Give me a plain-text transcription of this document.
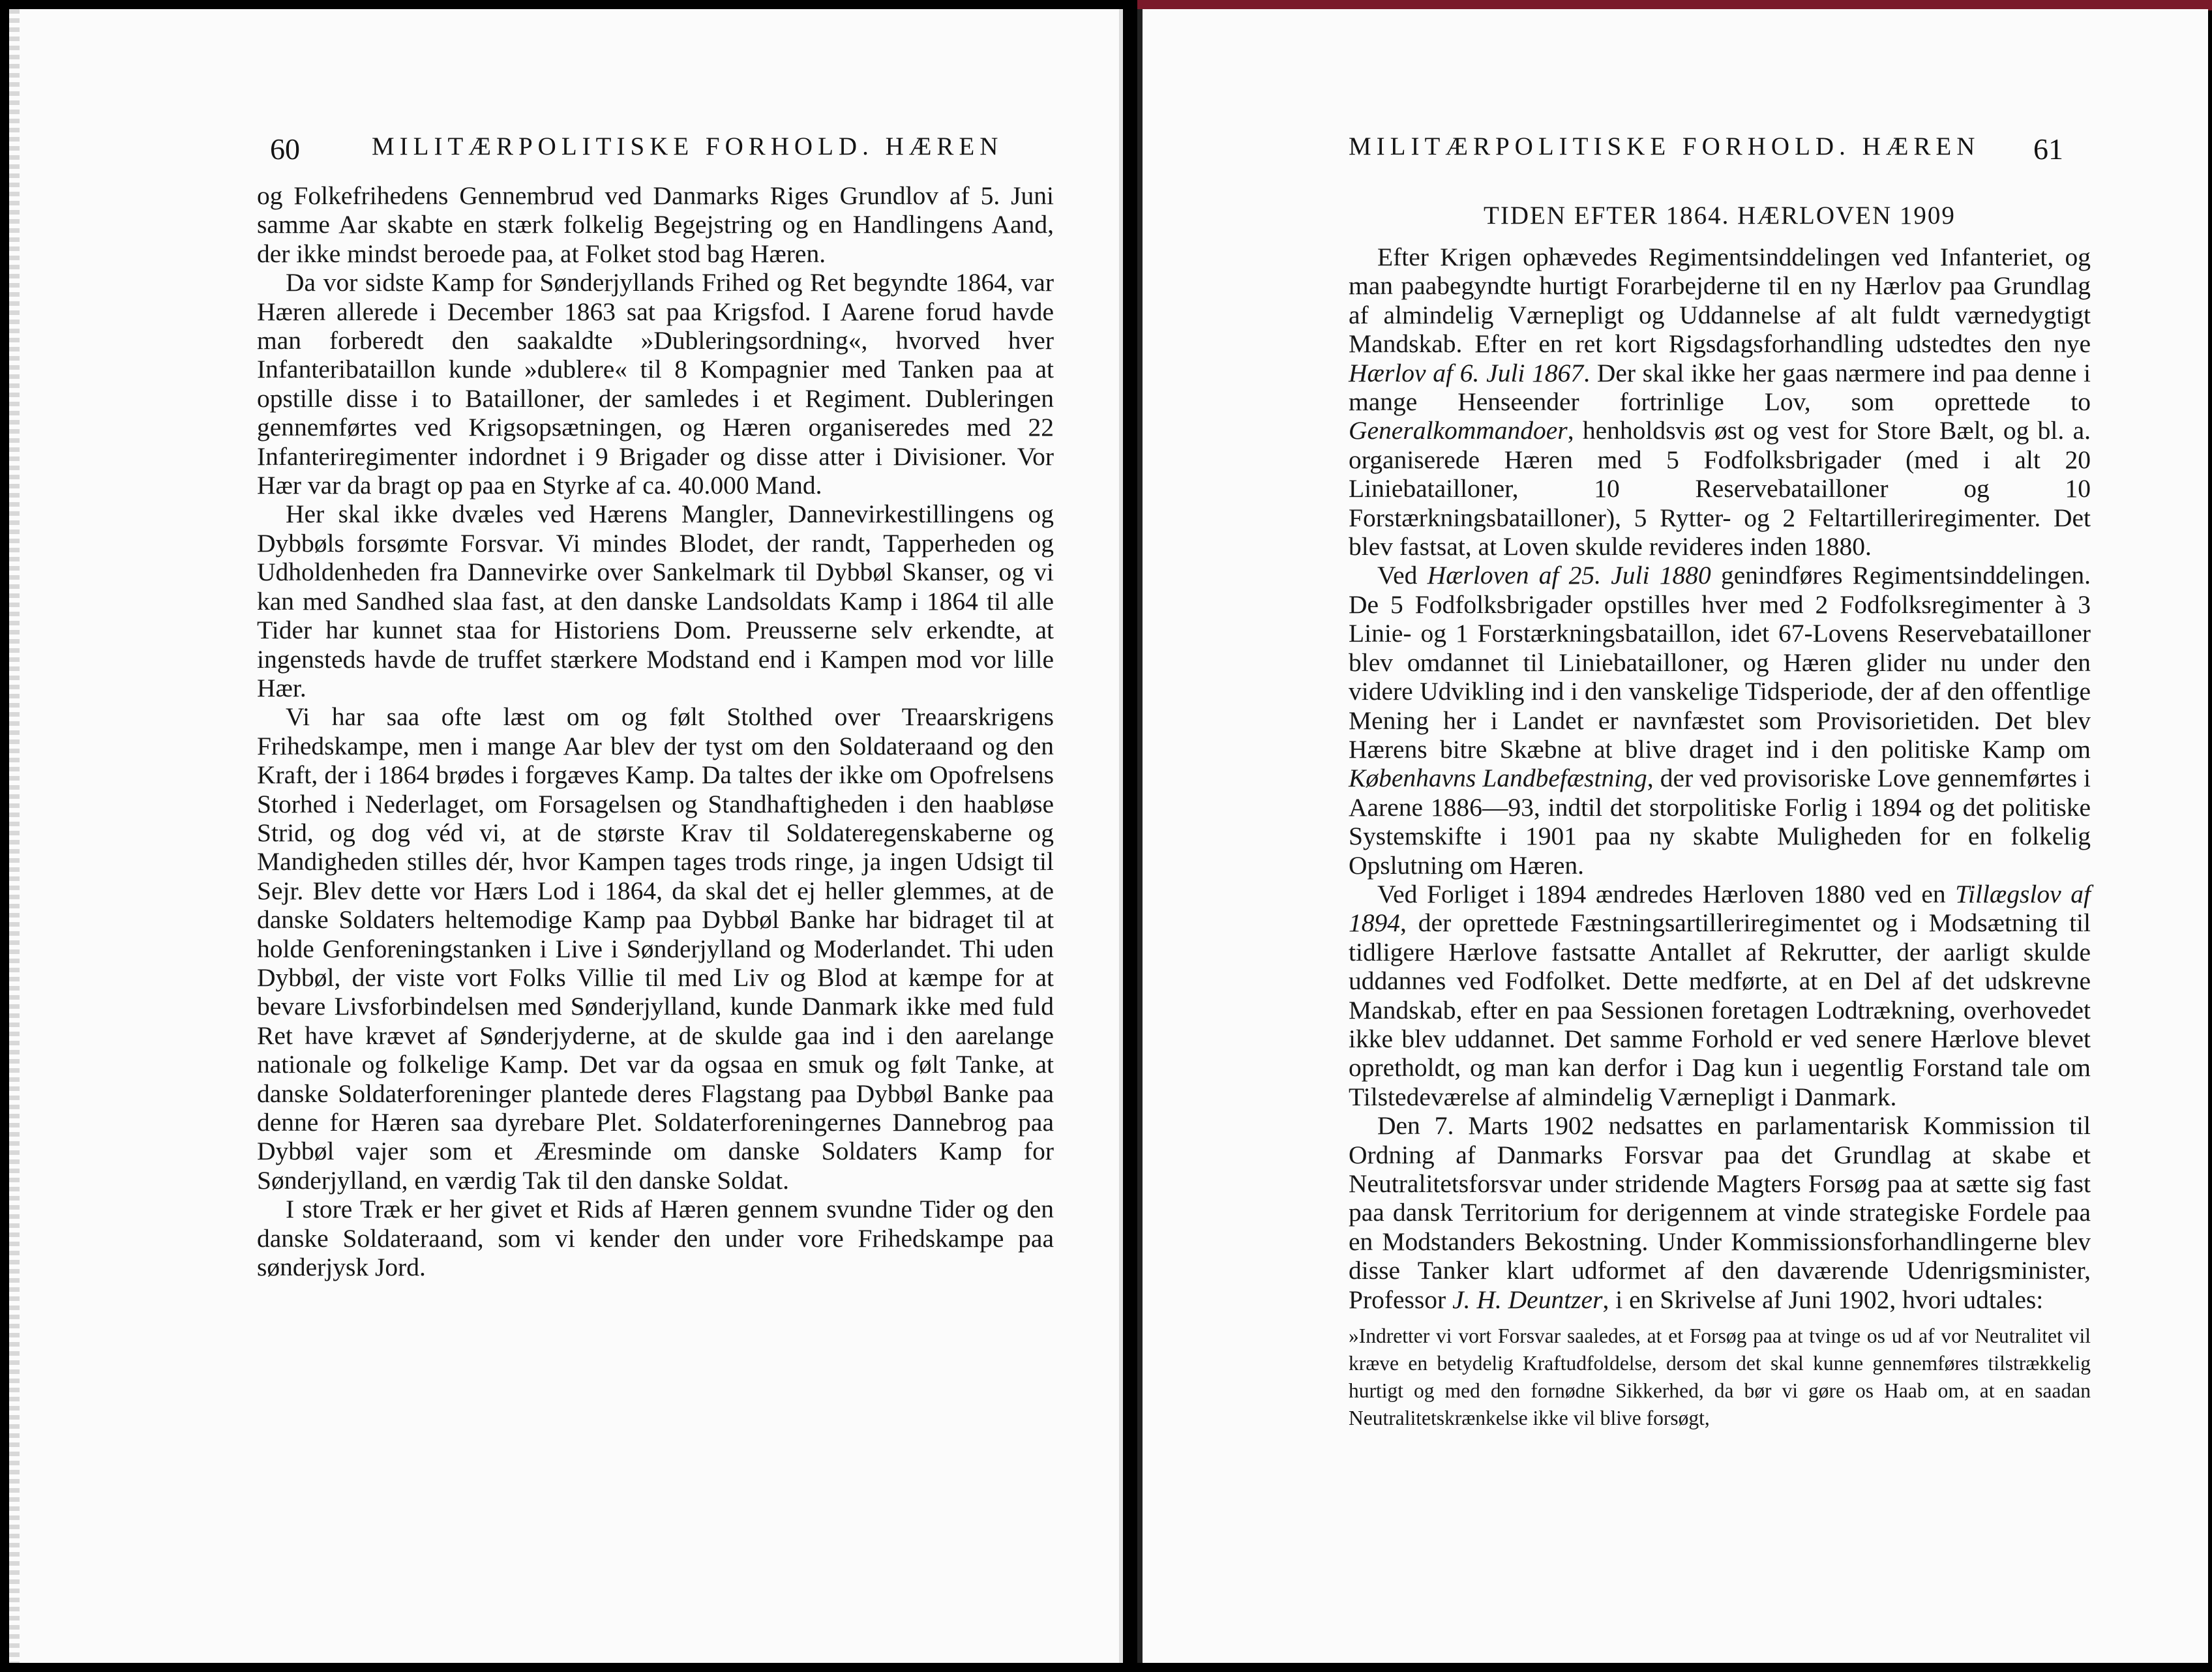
60	MILITÆRPOLITISKE FORHOLD. HÆREN

og Folkefrihedens Gennembrud ved Danmarks Riges Grundlov af 5. Juni samme Aar skabte en stærk folkelig Begejstring og en Handlingens Aand, der ikke mindst beroede paa, at Folket stod bag Hæren.

Da vor sidste Kamp for Sønderjyllands Frihed og Ret begyndte 1864, var Hæren allerede i December 1863 sat paa Krigsfod. I Aarene forud havde man forberedt den saakaldte »Dubleringsordning«, hvorved hver Infanteribataillon kunde »dublere« til 8 Kompagnier med Tanken paa at opstille disse i to Batailloner, der samledes i et Regiment. Dubleringen gennemførtes ved Krigsopsætningen, og Hæren organiseredes med 22 Infanteriregimenter indordnet i 9 Brigader og disse atter i Divisioner. Vor Hær var da bragt op paa en Styrke af ca. 40.000 Mand.

Her skal ikke dvæles ved Hærens Mangler, Dannevirkestillingens og Dybbøls forsømte Forsvar. Vi mindes Blodet, der randt, Tapperheden og Udholdenheden fra Dannevirke over Sankelmark til Dybbøl Skanser, og vi kan med Sandhed slaa fast, at den danske Landsoldats Kamp i 1864 til alle Tider har kunnet staa for Historiens Dom. Preusserne selv erkendte, at ingensteds havde de truffet stærkere Modstand end i Kampen mod vor lille Hær.

Vi har saa ofte læst om og følt Stolthed over Treaarskrigens Frihedskampe, men i mange Aar blev der tyst om den Soldateraand og den Kraft, der i 1864 brødes i forgæves Kamp. Da taltes der ikke om Opofrelsens Storhed i Nederlaget, om Forsagelsen og Standhaftigheden i den haabløse Strid, og dog véd vi, at de største Krav til Soldateregenskaberne og Mandigheden stilles dér, hvor Kampen tages trods ringe, ja ingen Udsigt til Sejr. Blev dette vor Hærs Lod i 1864, da skal det ej heller glemmes, at de danske Soldaters heltemodige Kamp paa Dybbøl Banke har bidraget til at holde Genforeningstanken i Live i Sønderjylland og Moderlandet. Thi uden Dybbøl, der viste vort Folks Villie til med Liv og Blod at kæmpe for at bevare Livsforbindelsen med Sønderjylland, kunde Danmark ikke med fuld Ret have krævet af Sønderjyderne, at de skulde gaa ind i den aarelange nationale og folkelige Kamp. Det var da ogsaa en smuk og følt Tanke, at danske Soldaterforeninger plantede deres Flagstang paa Dybbøl Banke paa denne for Hæren saa dyrebare Plet. Soldaterforeningernes Dannebrog paa Dybbøl vajer som et Æresminde om danske Soldaters Kamp for Sønderjylland, en værdig Tak til den danske Soldat.

I store Træk er her givet et Rids af Hæren gennem svundne Tider og den danske Soldateraand, som vi kender den under vore Frihedskampe paa sønderjysk Jord.

MILITÆRPOLITISKE FORHOLD. HÆREN 61
TIDEN EFTER 1864. HÆRLOVEN 1909

Efter Krigen ophævedes Regimentsinddelingen ved Infanteriet, og man paabegyndte hurtigt Forarbejderne til en ny Hærlov paa Grundlag af almindelig Værnepligt og Uddannelse af alt fuldt værnedygtigt Mandskab. Efter en ret kort Rigsdagsforhandling udstedtes den nye Hærlov af 6. Juli 1867. Der skal ikke her gaas nærmere ind paa denne i mange Henseender fortrinlige Lov, som oprettede to Generalkommandoer, henholdsvis øst og vest for Store Bælt, og bl. a. organiserede Hæren med 5 Fodfolksbrigader (med i alt 20 Liniebatailloner, 10 Reservebatailloner og 10 Forstærkningsbatailloner), 5 Rytter- og 2 Feltartilleriregimenter. Det blev fastsat, at Loven skulde revideres inden 1880.

Ved Hærloven af 25. Juli 1880 genindføres Regimentsinddelingen. De 5 Fodfolksbrigader opstilles hver med 2 Fodfolksregimenter à 3 Linie- og 1 Forstærkningsbataillon, idet 67-Lovens Reservebatailloner blev omdannet til Liniebatailloner, og Hæren glider nu under den videre Udvikling ind i den vanskelige Tidsperiode, der af den offentlige Mening her i Landet er navnfæstet som Provisorietiden. Det blev Hærens bitre Skæbne at blive draget ind i den politiske Kamp om Københavns Landbefæstning, der ved provisoriske Love gennemførtes i Aarene 1886—93, indtil det storpolitiske Forlig i 1894 og det politiske Systemskifte i 1901 paa ny skabte Muligheden for en folkelig Opslutning om Hæren.

Ved Forliget i 1894 ændredes Hærloven 1880 ved en Tillægslov af 1894, der oprettede Fæstningsartilleriregimentet og i Modsætning til tidligere Hærlove fastsatte Antallet af Rekrutter, der aarligt skulde uddannes ved Fodfolket. Dette medførte, at en Del af det udskrevne Mandskab, efter en paa Sessionen foretagen Lodtrækning, overhovedet ikke blev uddannet. Det samme Forhold er ved senere Hærlove blevet opretholdt, og man kan derfor i Dag kun i uegentlig Forstand tale om Tilstedeværelse af almindelig Værnepligt i Danmark.

Den 7. Marts 1902 nedsattes en parlamentarisk Kommission til Ordning af Danmarks Forsvar paa det Grundlag at skabe et Neutralitetsforsvar under stridende Magters Forsøg paa at sætte sig fast paa dansk Territorium for derigennem at vinde strategiske Fordele paa en Modstanders Bekostning. Under Kommissionsforhandlingerne blev disse Tanker klart udformet af den daværende Udenrigsminister, Professor J. H. Deuntzer, i en Skrivelse af Juni 1902, hvori udtales:

»Indretter vi vort Forsvar saaledes, at et Forsøg paa at tvinge os ud af vor Neutralitet vil kræve en betydelig Kraftudfoldelse, dersom det skal kunne gennemføres tilstrækkelig hurtigt og med den fornødne Sikkerhed, da bør vi gøre os Haab om, at en saadan Neutralitetskrænkelse ikke vil blive forsøgt,
